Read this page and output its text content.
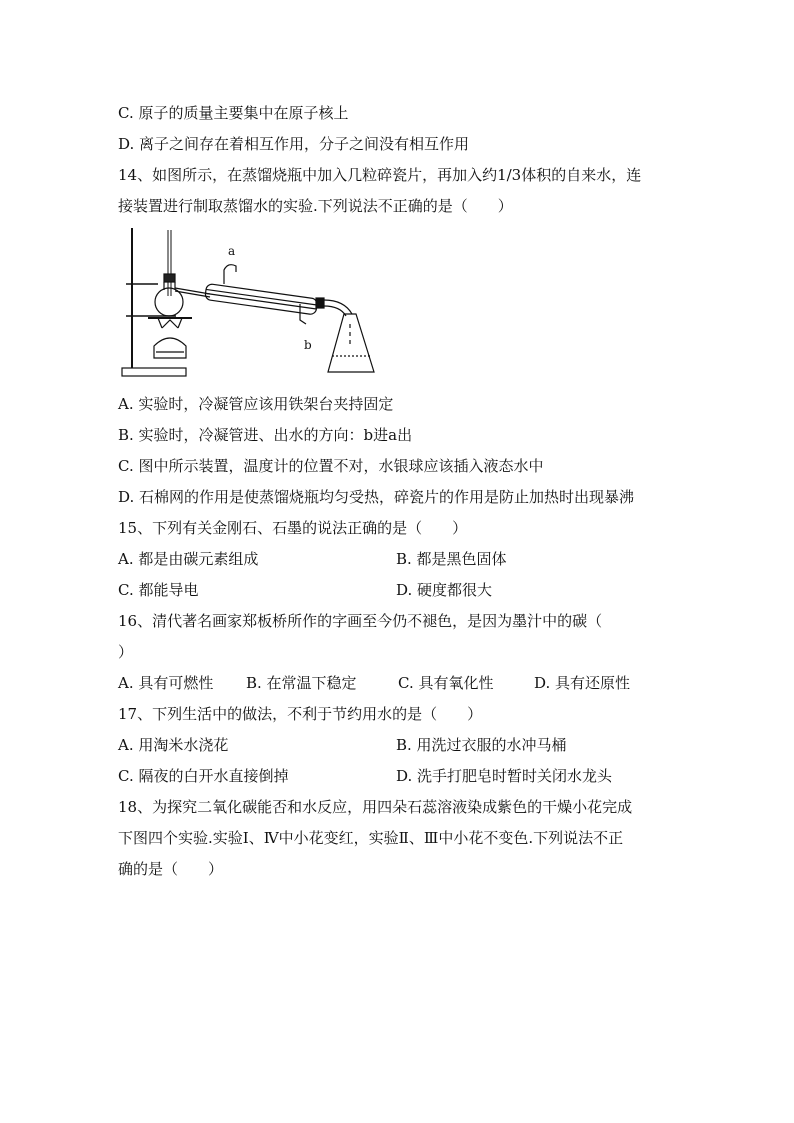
C. 原子的质量主要集中在原子核上
D. 离子之间存在着相互作用，分子之间没有相互作用
14、如图所示，在蒸馏烧瓶中加入几粒碎瓷片，再加入约1/3体积的自来水，连
接装置进行制取蒸馏水的实验.下列说法不正确的是（　　）
a
b
A. 实验时，冷凝管应该用铁架台夹持固定
B. 实验时，冷凝管进、出水的方向：b进a出
C. 图中所示装置，温度计的位置不对，水银球应该插入液态水中
D. 石棉网的作用是使蒸馏烧瓶均匀受热，碎瓷片的作用是防止加热时出现暴沸
15、下列有关金刚石、石墨的说法正确的是（　　）
A. 都是由碳元素组成	B. 都是黑色固体
C. 都能导电	D. 硬度都很大
16、清代著名画家郑板桥所作的字画至今仍不褪色，是因为墨汁中的碳（
）
A. 具有可燃性 B. 在常温下稳定	C. 具有氧化性	D. 具有还原性
17、下列生活中的做法，不利于节约用水的是（　　）
A. 用淘米水浇花	B. 用洗过衣服的水冲马桶
C. 隔夜的白开水直接倒掉	D. 洗手打肥皂时暂时关闭水龙头
18、为探究二氧化碳能否和水反应，用四朵石蕊溶液染成紫色的干燥小花完成
下图四个实验.实验Ⅰ、Ⅳ中小花变红，实验Ⅱ、Ⅲ中小花不变色.下列说法不正
确的是（　　）
